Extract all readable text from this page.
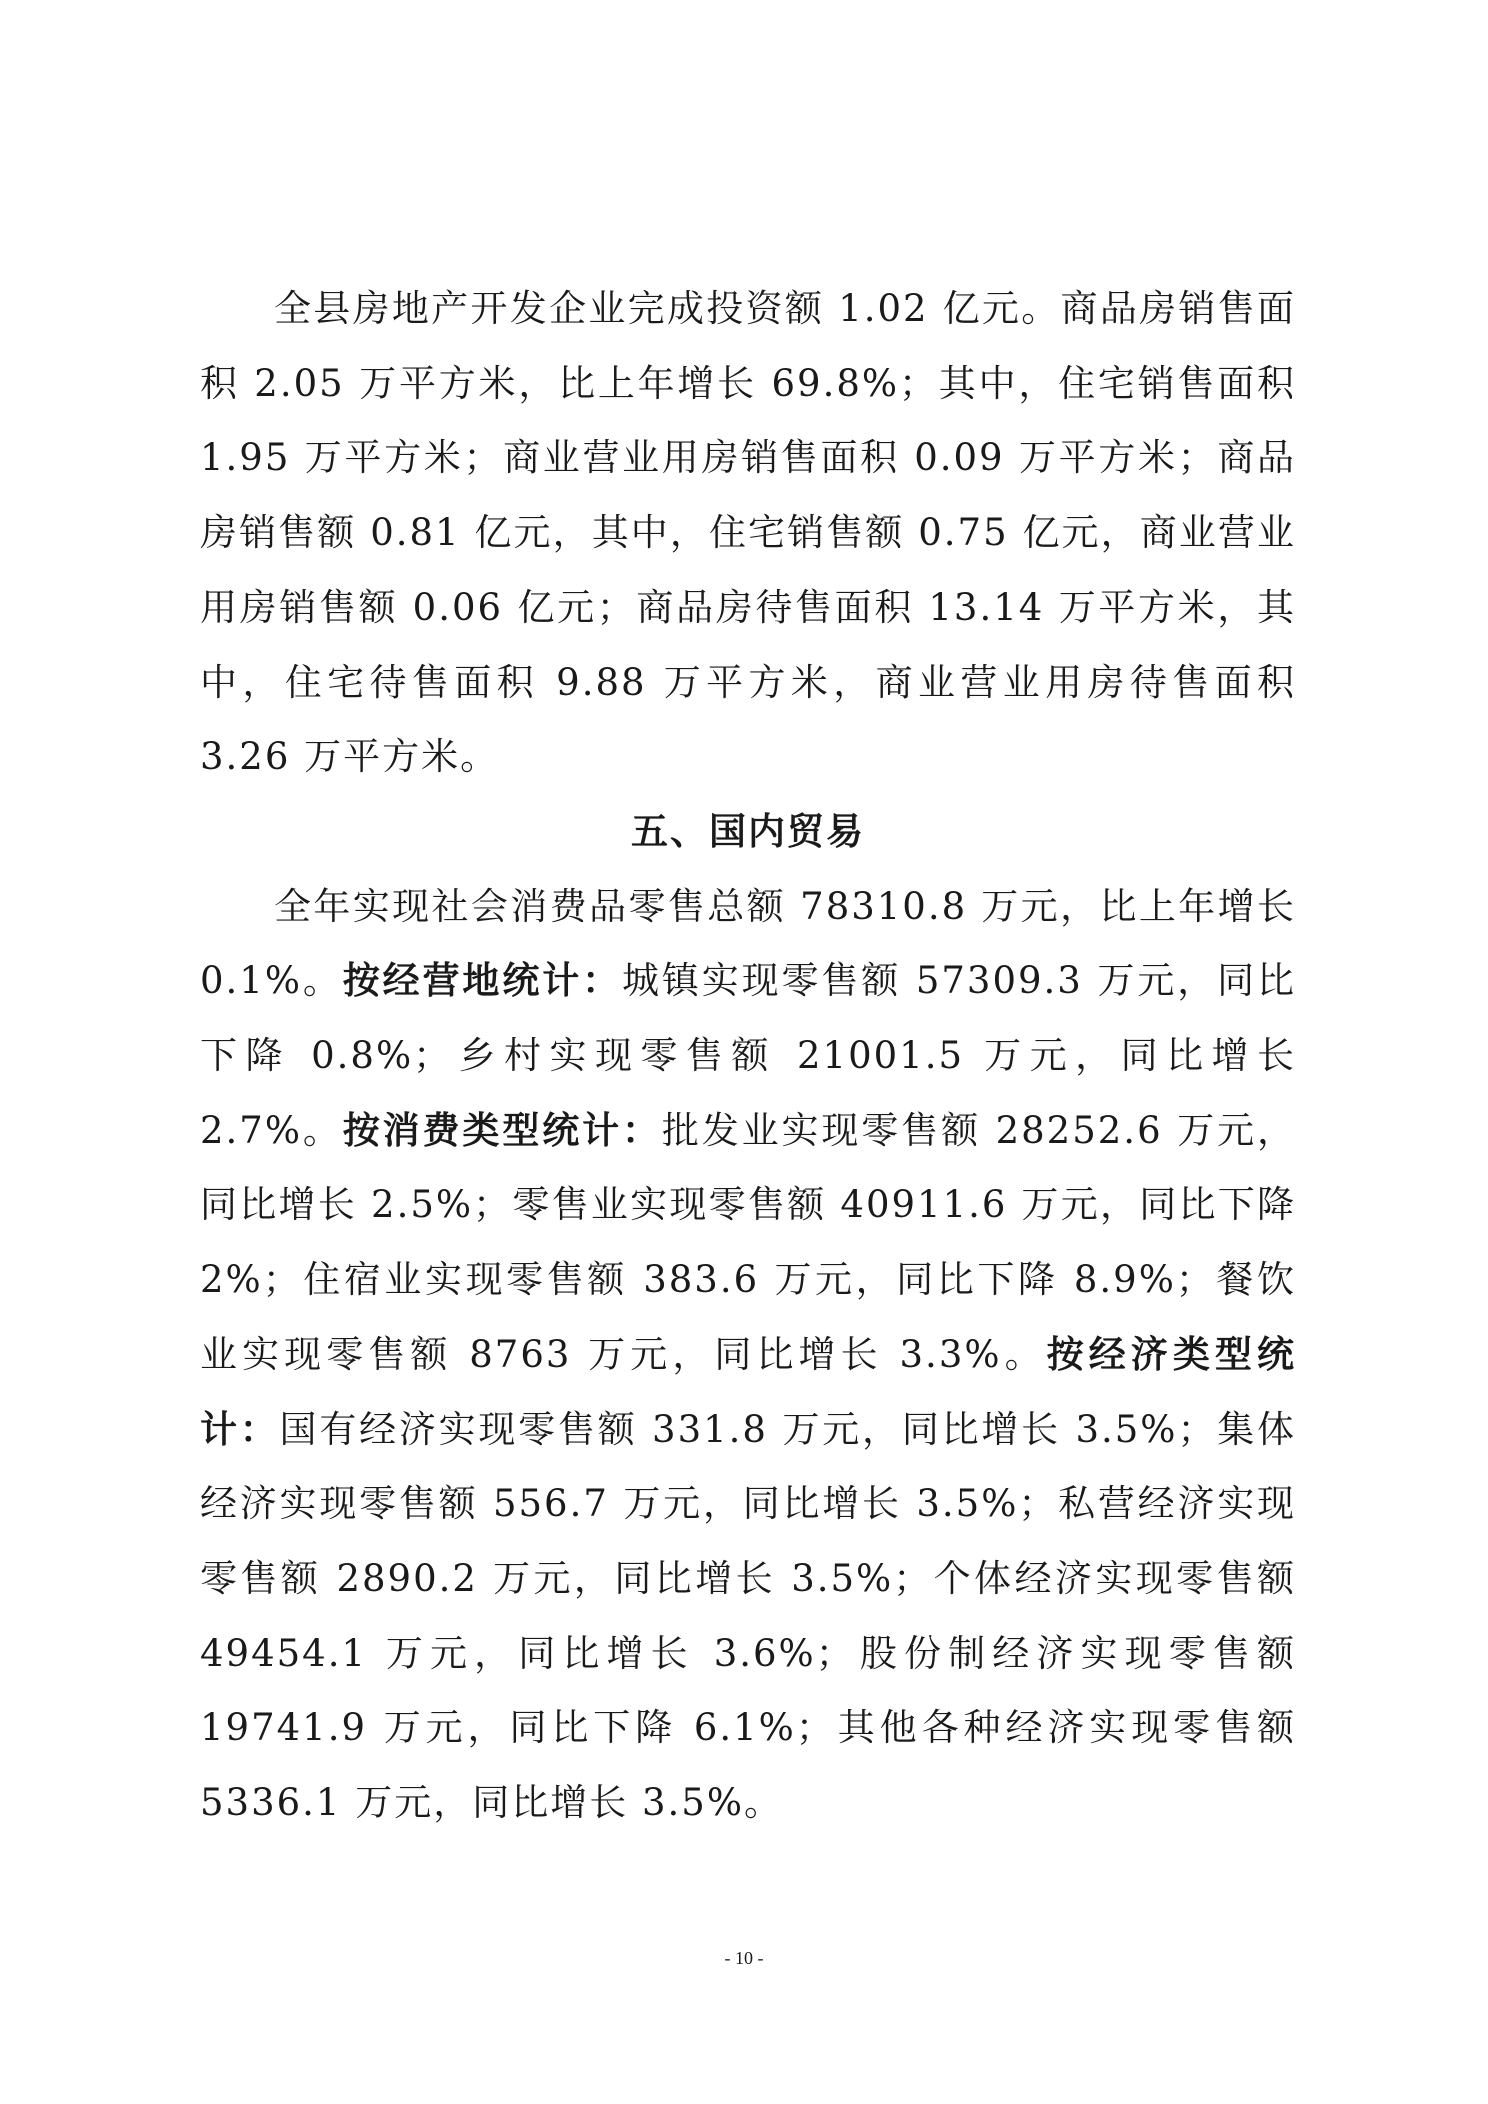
全县房地产开发企业完成投资额 1.02 亿元。商品房销售面积 2.05 万平方米，比上年增长 69.8%；其中，住宅销售面积 1.95 万平方米；商业营业用房销售面积 0.09 万平方米；商品房销售额 0.81 亿元，其中，住宅销售额 0.75 亿元，商业营业用房销售额 0.06 亿元；商品房待售面积 13.14 万平方米，其中，住宅待售面积 9.88 万平方米，商业营业用房待售面积 3.26 万平方米。

五、国内贸易

全年实现社会消费品零售总额 78310.8 万元，比上年增长 0.1%。按经营地统计：城镇实现零售额 57309.3 万元，同比下降 0.8%；乡村实现零售额 21001.5 万元，同比增长 2.7%。按消费类型统计：批发业实现零售额 28252.6 万元，同比增长 2.5%；零售业实现零售额 40911.6 万元，同比下降 2%；住宿业实现零售额 383.6 万元，同比下降 8.9%；餐饮业实现零售额 8763 万元，同比增长 3.3%。按经济类型统计：国有经济实现零售额 331.8 万元，同比增长 3.5%；集体经济实现零售额 556.7 万元，同比增长 3.5%；私营经济实现零售额 2890.2 万元，同比增长 3.5%；个体经济实现零售额 49454.1 万元，同比增长 3.6%；股份制经济实现零售额 19741.9 万元，同比下降 6.1%；其他各种经济实现零售额 5336.1 万元，同比增长 3.5%。

- 10 -
